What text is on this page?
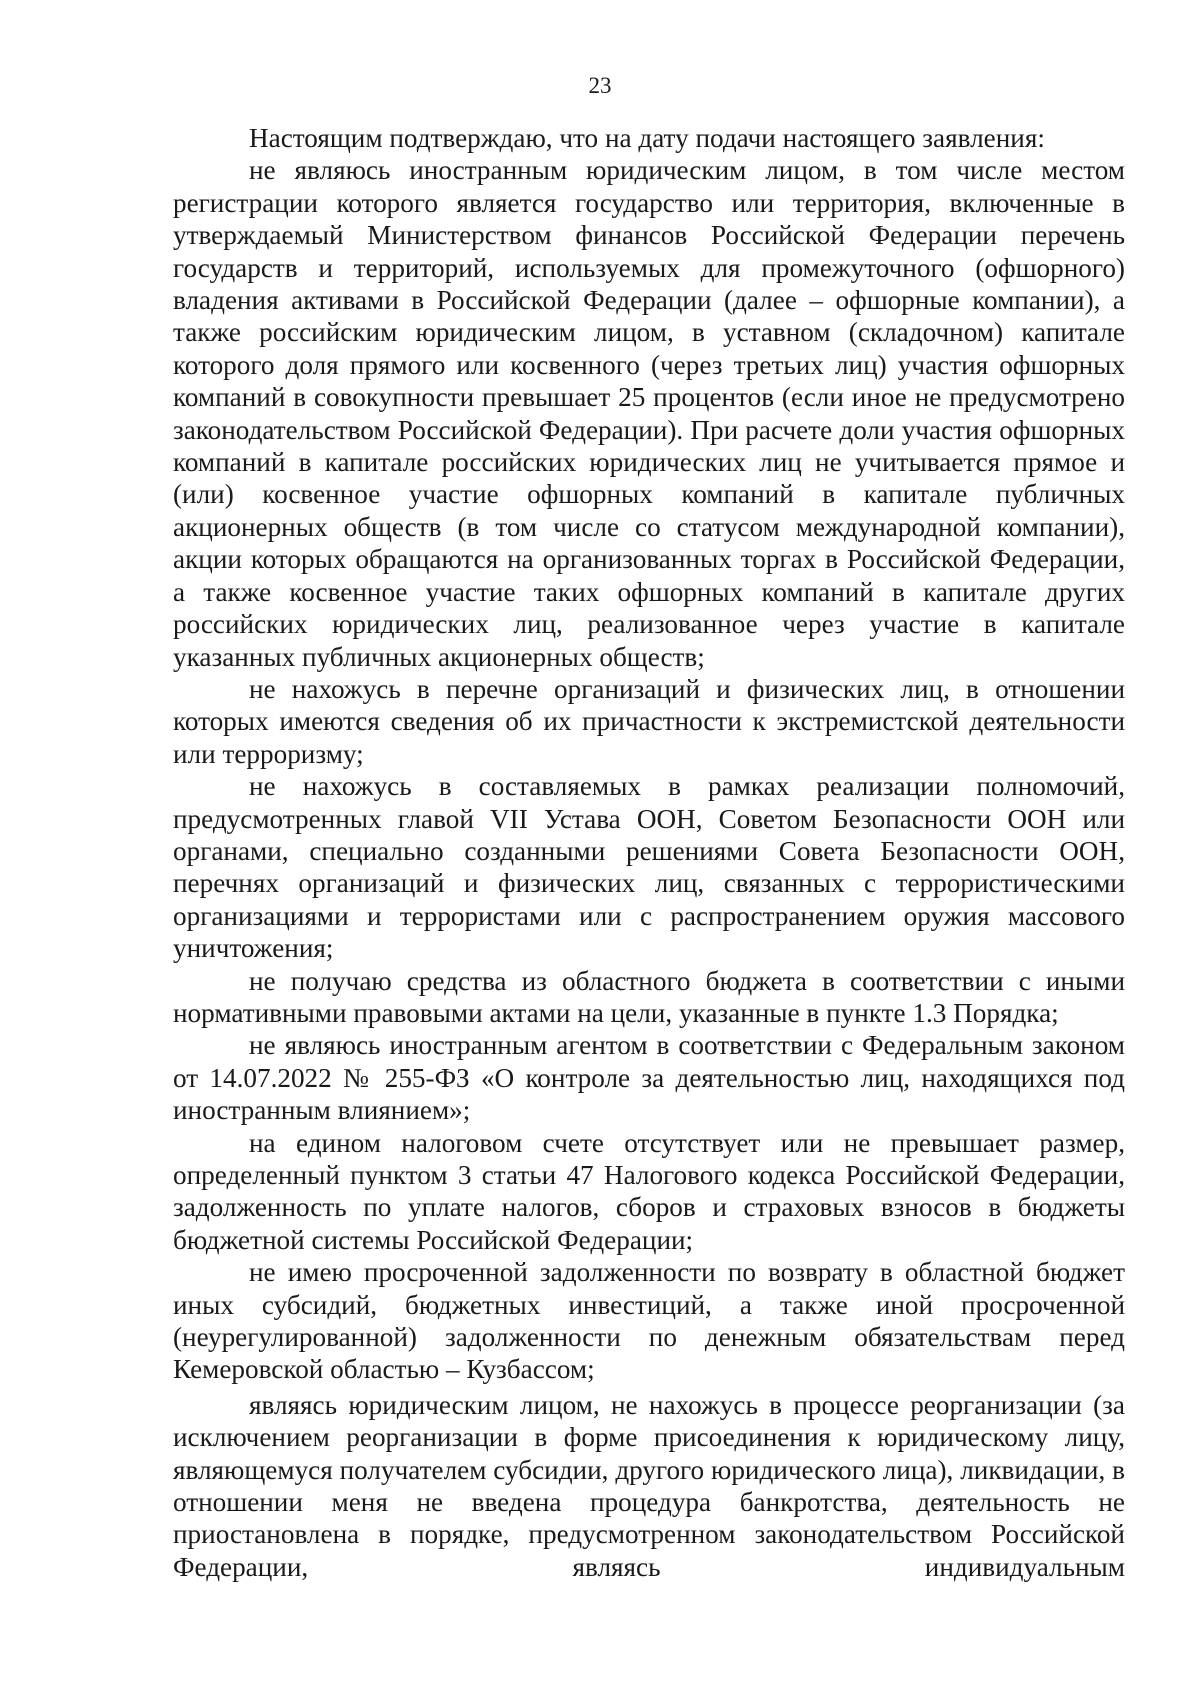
23

Настоящим подтверждаю, что на дату подачи настоящего заявления:

не являюсь иностранным юридическим лицом, в том числе местом регистрации которого является государство или территория, включенные в утверждаемый Министерством финансов Российской Федерации перечень государств и территорий, используемых для промежуточного (офшорного) владения активами в Российской Федерации (далее – офшорные компании), а также российским юридическим лицом, в уставном (складочном) капитале которого доля прямого или косвенного (через третьих лиц) участия офшорных компаний в совокупности превышает 25 процентов (если иное не предусмотрено законодательством Российской Федерации). При расчете доли участия офшорных компаний в капитале российских юридических лиц не учитывается прямое и (или) косвенное участие офшорных компаний в капитале публичных акционерных обществ (в том числе со статусом международной компании), акции которых обращаются на организованных торгах в Российской Федерации, а также косвенное участие таких офшорных компаний в капитале других российских юридических лиц, реализованное через участие в капитале указанных публичных акционерных обществ;

не нахожусь в перечне организаций и физических лиц, в отношении которых имеются сведения об их причастности к экстремистской деятельности или терроризму;

не нахожусь в составляемых в рамках реализации полномочий, предусмотренных главой VII Устава ООН, Советом Безопасности ООН или органами, специально созданными решениями Совета Безопасности ООН, перечнях организаций и физических лиц, связанных с террористическими организациями и террористами или с распространением оружия массового уничтожения;

не получаю средства из областного бюджета в соответствии с иными нормативными правовыми актами на цели, указанные в пункте 1.3 Порядка;

не являюсь иностранным агентом в соответствии с Федеральным законом от 14.07.2022 № 255-ФЗ «О контроле за деятельностью лиц, находящихся под иностранным влиянием»;

на едином налоговом счете отсутствует или не превышает размер, определенный пунктом 3 статьи 47 Налогового кодекса Российской Федерации, задолженность по уплате налогов, сборов и страховых взносов в бюджеты бюджетной системы Российской Федерации;

не имею просроченной задолженности по возврату в областной бюджет иных субсидий, бюджетных инвестиций, а также иной просроченной (неурегулированной) задолженности по денежным обязательствам перед Кемеровской областью – Кузбассом;

являясь юридическим лицом, не нахожусь в процессе реорганизации (за исключением реорганизации в форме присоединения к юридическому лицу, являющемуся получателем субсидии, другого юридического лица), ликвидации, в отношении меня не введена процедура банкротства, деятельность не приостановлена в порядке, предусмотренном законодательством Российской Федерации, являясь индивидуальным
